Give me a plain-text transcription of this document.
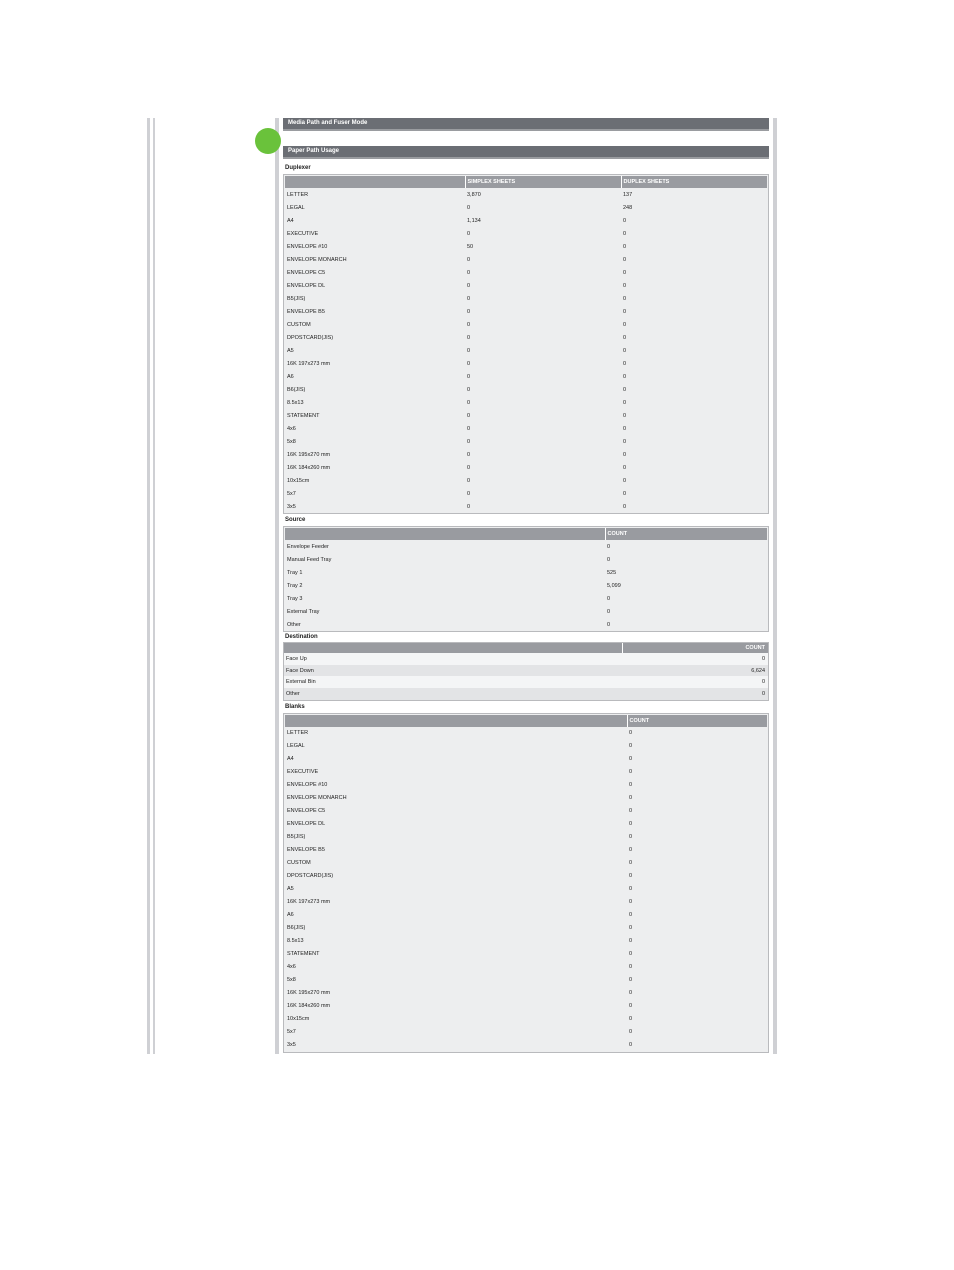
Media Path and Fuser Mode
Paper Path Usage
Duplexer
	SIMPLEX SHEETS	DUPLEX SHEETS
LETTER	3,870	137
LEGAL	0	248
A4	1,134	0
EXECUTIVE	0	0
ENVELOPE #10	50	0
ENVELOPE MONARCH	0	0
ENVELOPE C5	0	0
ENVELOPE DL	0	0
B5(JIS)	0	0
ENVELOPE B5	0	0
CUSTOM	0	0
DPOSTCARD(JIS)	0	0
A5	0	0
16K 197x273 mm	0	0
A6	0	0
B6(JIS)	0	0
8.5x13	0	0
STATEMENT	0	0
4x6	0	0
5x8	0	0
16K 195x270 mm	0	0
16K 184x260 mm	0	0
10x15cm	0	0
5x7	0	0
3x5	0	0
Source
	COUNT
Envelope Feeder	0
Manual Feed Tray	0
Tray 1	525
Tray 2	5,099
Tray 3	0
External Tray	0
Other	0
Destination
	COUNT
Face Up	0
Face Down	6,624
External Bin	0
Other	0
Blanks
	COUNT
LETTER	0
LEGAL	0
A4	0
EXECUTIVE	0
ENVELOPE #10	0
ENVELOPE MONARCH	0
ENVELOPE C5	0
ENVELOPE DL	0
B5(JIS)	0
ENVELOPE B5	0
CUSTOM	0
DPOSTCARD(JIS)	0
A5	0
16K 197x273 mm	0
A6	0
B6(JIS)	0
8.5x13	0
STATEMENT	0
4x6	0
5x8	0
16K 195x270 mm	0
16K 184x260 mm	0
10x15cm	0
5x7	0
3x5	0
